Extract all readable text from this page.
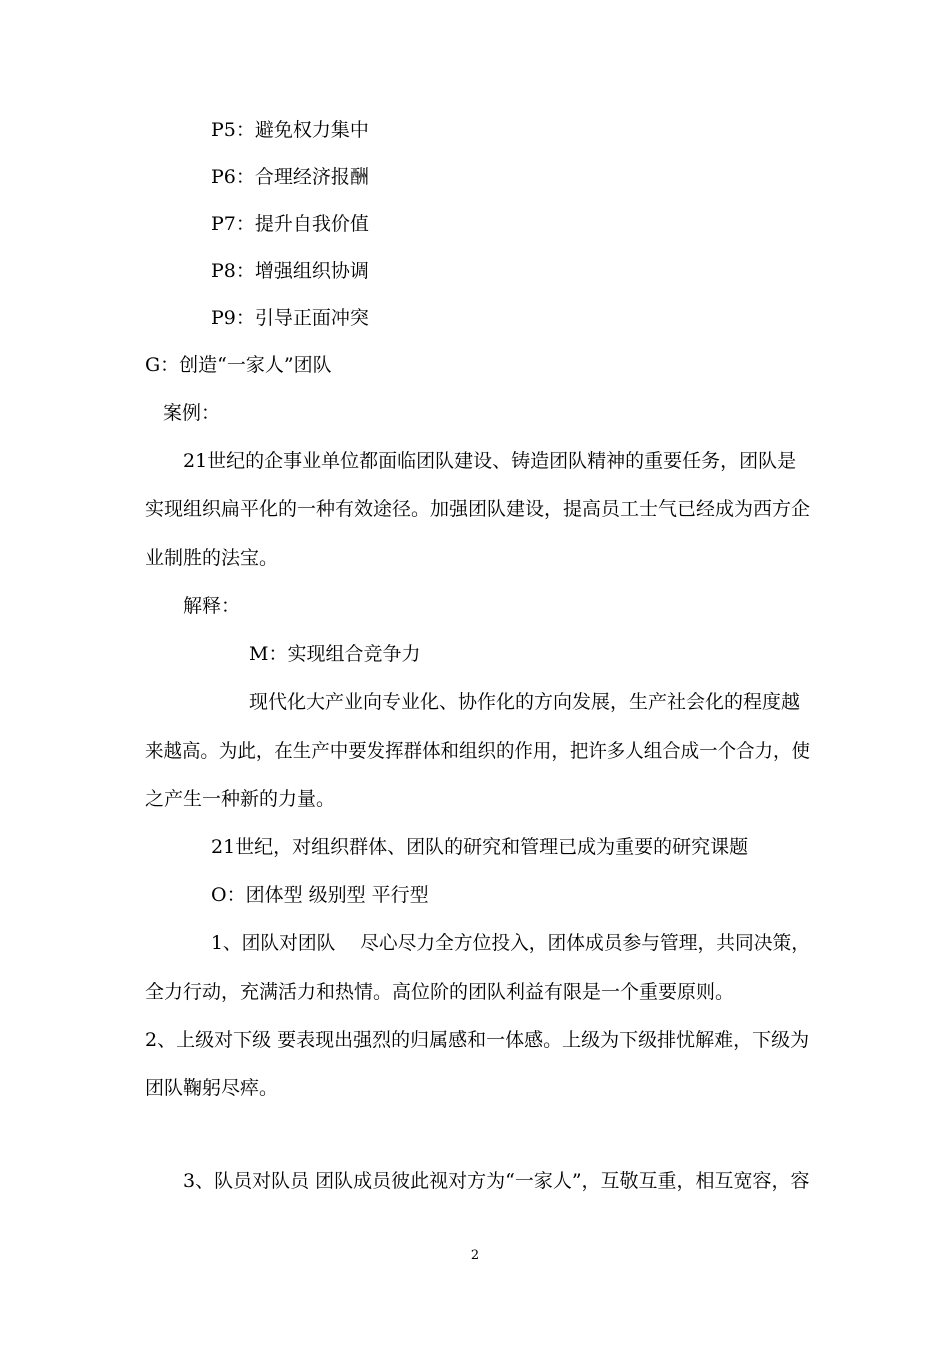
P5：避免权力集中
P6：合理经济报酬
P7：提升自我价值
P8：增强组织协调
P9：引导正面冲突
G：创造“一家人”团队
案例：
21世纪的企事业单位都面临团队建设、铸造团队精神的重要任务，团队是
实现组织扁平化的一种有效途径。加强团队建设，提高员工士气已经成为西方企
业制胜的法宝。
解释：
M：实现组合竞争力
现代化大产业向专业化、协作化的方向发展，生产社会化的程度越
来越高。为此，在生产中要发挥群体和组织的作用，把许多人组合成一个合力，使
之产生一种新的力量。
21世纪，对组织群体、团队的研究和管理已成为重要的研究课题
O：团体型 级别型 平行型
1、团队对团队　 尽心尽力全方位投入，团体成员参与管理，共同决策，
全力行动，充满活力和热情。高位阶的团队利益有限是一个重要原则。
2、上级对下级 要表现出强烈的归属感和一体感。上级为下级排忧解难，下级为
团队鞠躬尽瘁。
3、队员对队员 团队成员彼此视对方为“一家人”，互敬互重，相互宽容，容
2
